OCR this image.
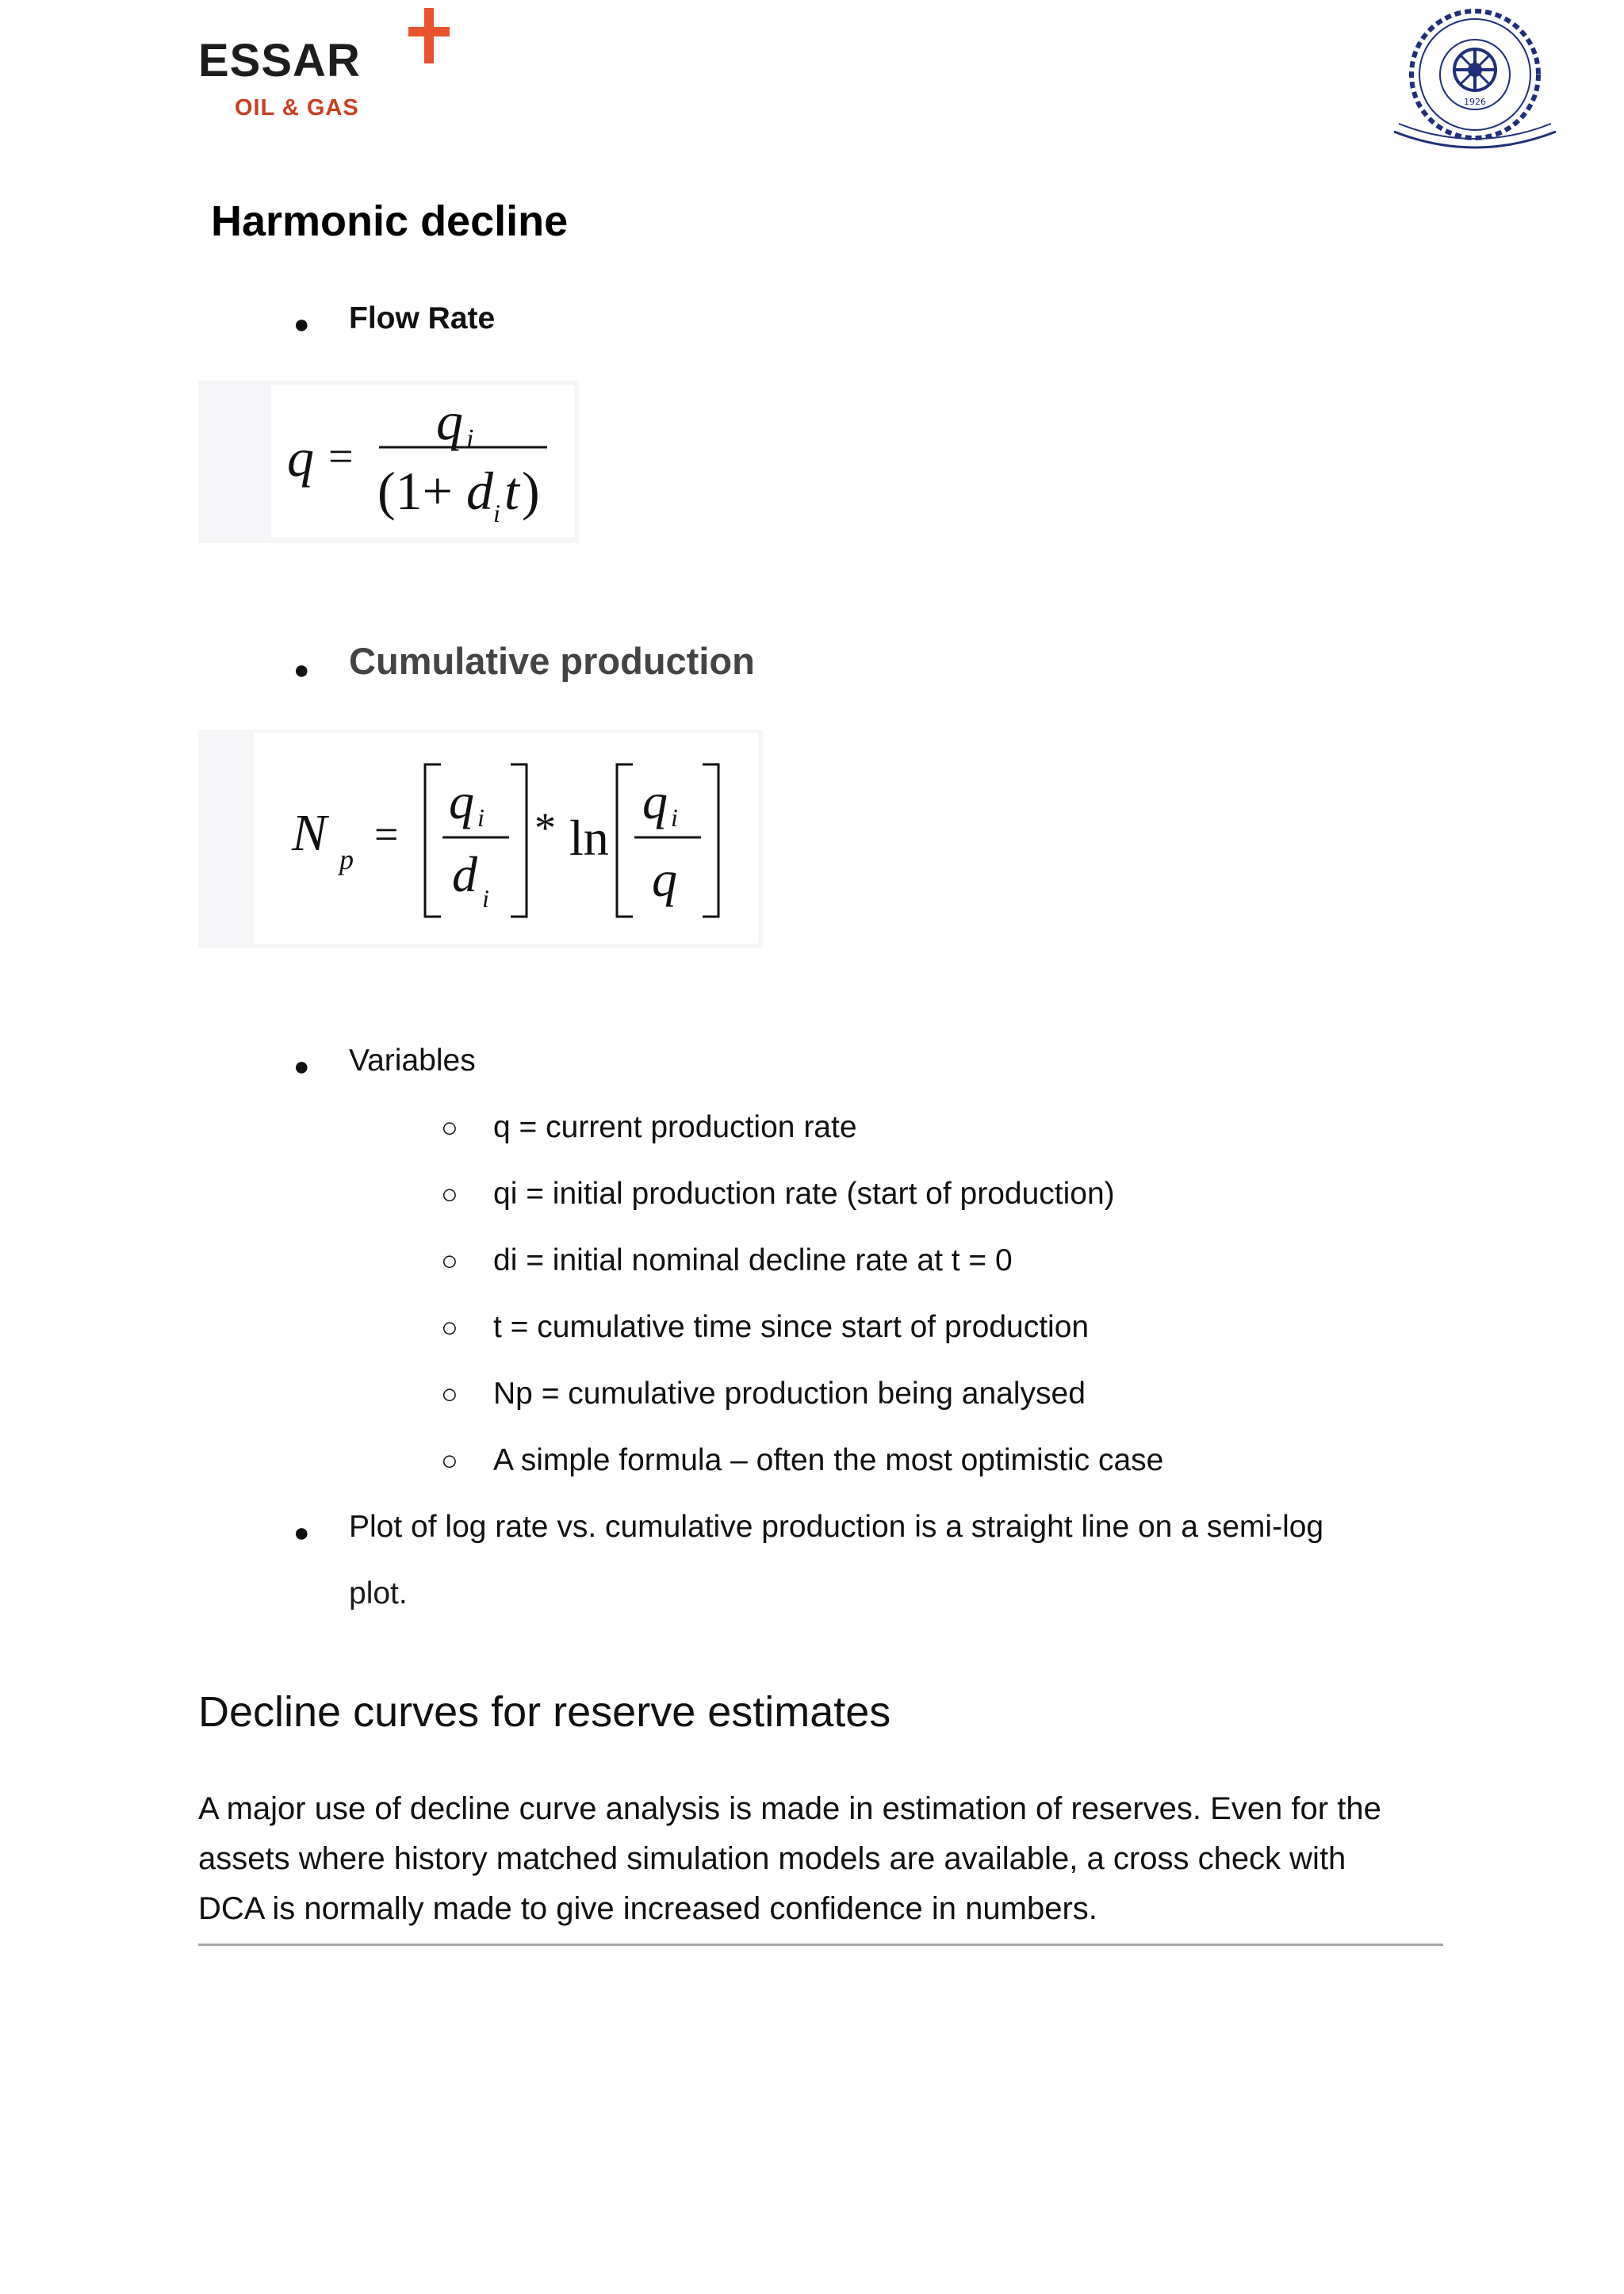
ESSAR
OIL & GAS	1926
Harmonic decline
● Flow Rate
q =
q i
(1+ d i t )
● Cumulative production
N p
=
q i
d i
* ln
q i
q
● Variables
○ q = current production rate
○ qi = initial production rate (start of production)
○ di = initial nominal decline rate at t = 0
○ t = cumulative time since start of production
○ Np = cumulative production being analysed
○ A simple formula – often the most optimistic case
● Plot of log rate vs. cumulative production is a straight line on a semi-log
plot.
Decline curves for reserve estimates
A major use of decline curve analysis is made in estimation of reserves. Even for the
assets where history matched simulation models are available, a cross check with
DCA is normally made to give increased confidence in numbers.
